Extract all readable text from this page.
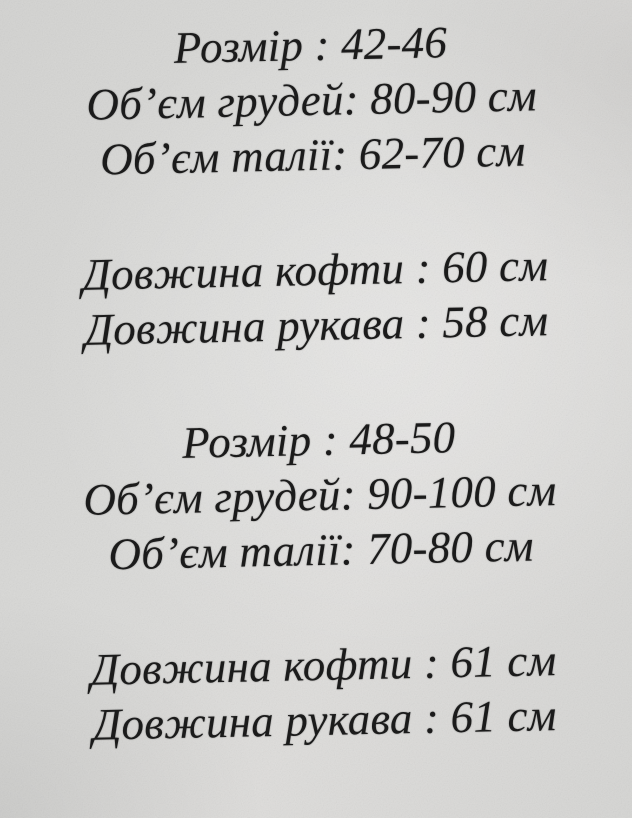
Розмір : 42-46
Об’єм грудей: 80-90 см
Об’єм талії: 62-70 см
Довжина кофти : 60 см
Довжина рукава : 58 см
Розмір : 48-50
Об’єм грудей: 90-100 см
Об’єм талії: 70-80 см
Довжина кофти : 61 см
Довжина рукава : 61 см
